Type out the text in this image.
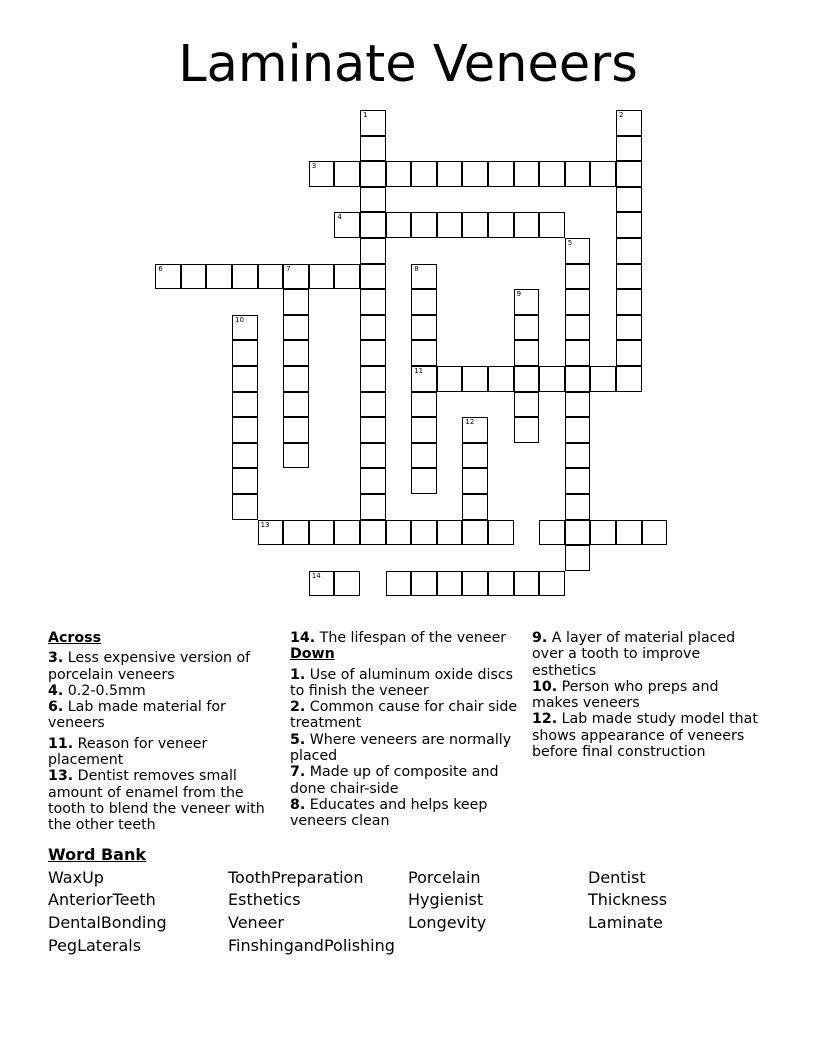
Laminate Veneers
1	2
3
4
5
6	7	8
11
9
10
12
13
14
Across
3. Less expensive version of porcelain veneers
4. 0.2-0.5mm
6. Lab made material for veneers
11. Reason for veneer placement
13. Dentist removes small amount of enamel from the tooth to blend the veneer with the other teeth
14. The lifespan of the veneer
Down
1. Use of aluminum oxide discs to finish the veneer
2. Common cause for chair side treatment
5. Where veneers are normally placed
7. Made up of composite and done chair-side
8. Educates and helps keep veneers clean
9. A layer of material placed over a tooth to improve esthetics
10. Person who preps and makes veneers
12. Lab made study model that shows appearance of veneers before final construction
Word Bank
WaxUp	ToothPreparation	Porcelain	Dentist
AnteriorTeeth	Esthetics	Hygienist	Thickness
DentalBonding	Veneer	Longevity	Laminate
PegLaterals	FinshingandPolishing
